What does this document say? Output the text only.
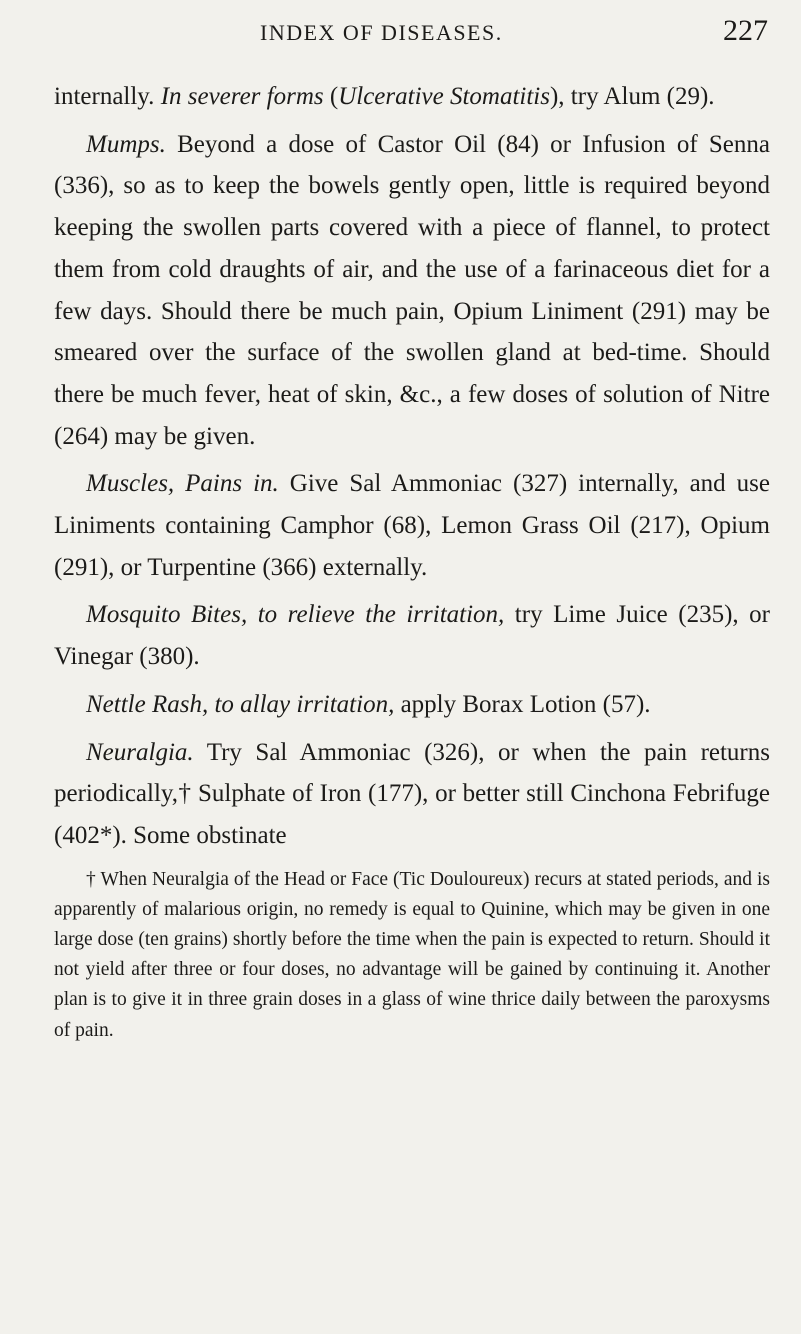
INDEX OF DISEASES.	227

internally. In severer forms (Ulcerative Stomatitis), try Alum (29).

Mumps. Beyond a dose of Castor Oil (84) or Infusion of Senna (336), so as to keep the bowels gently open, little is required beyond keeping the swollen parts covered with a piece of flannel, to protect them from cold draughts of air, and the use of a farinaceous diet for a few days. Should there be much pain, Opium Liniment (291) may be smeared over the surface of the swollen gland at bed-time. Should there be much fever, heat of skin, &c., a few doses of solution of Nitre (264) may be given.

Muscles, Pains in. Give Sal Ammoniac (327) internally, and use Liniments containing Camphor (68), Lemon Grass Oil (217), Opium (291), or Turpentine (366) externally.

Mosquito Bites, to relieve the irritation, try Lime Juice (235), or Vinegar (380).

Nettle Rash, to allay irritation, apply Borax Lotion (57).

Neuralgia. Try Sal Ammoniac (326), or when the pain returns periodically,† Sulphate of Iron (177), or better still Cinchona Febrifuge (402*). Some obstinate

† When Neuralgia of the Head or Face (Tic Douloureux) recurs at stated periods, and is apparently of malarious origin, no remedy is equal to Quinine, which may be given in one large dose (ten grains) shortly before the time when the pain is expected to return. Should it not yield after three or four doses, no advantage will be gained by continuing it. Another plan is to give it in three grain doses in a glass of wine thrice daily between the paroxysms of pain.
